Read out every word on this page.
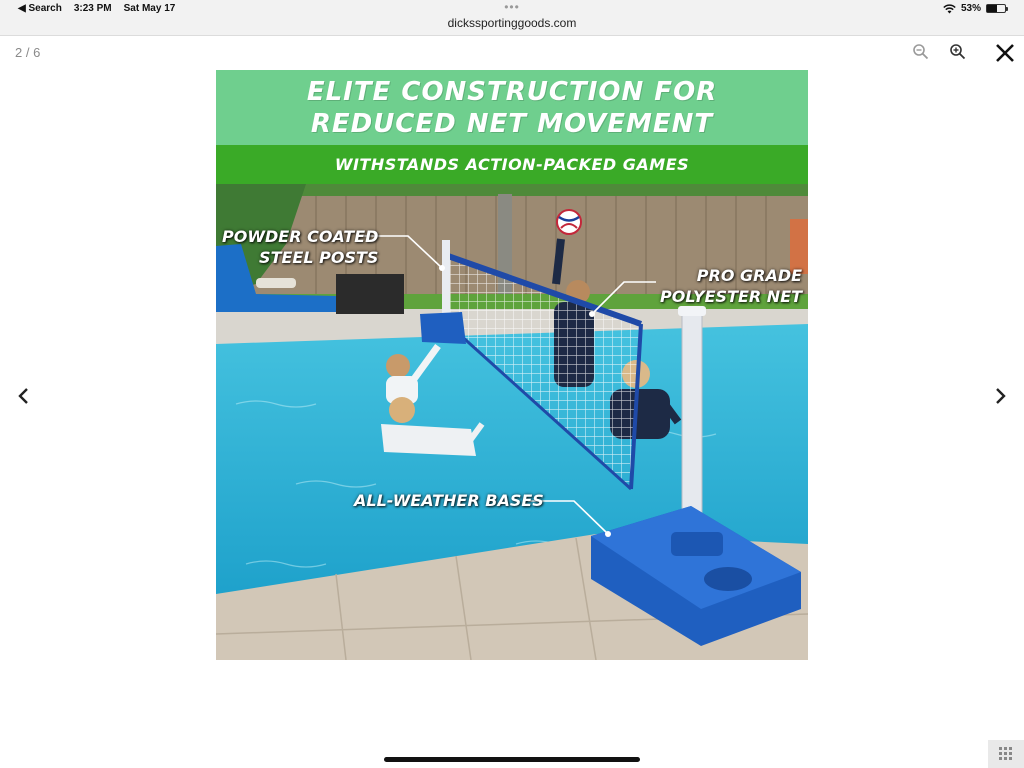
◀ Search 3:23 PM Sat May 17	•••
dickssportinggoods.com
53%
2 / 6
ELITE CONSTRUCTION FOR
REDUCED NET MOVEMENT
WITHSTANDS ACTION-PACKED GAMES
POWDER COATED
STEEL POSTS
PRO GRADE
POLYESTER NET
ALL-WEATHER BASES
